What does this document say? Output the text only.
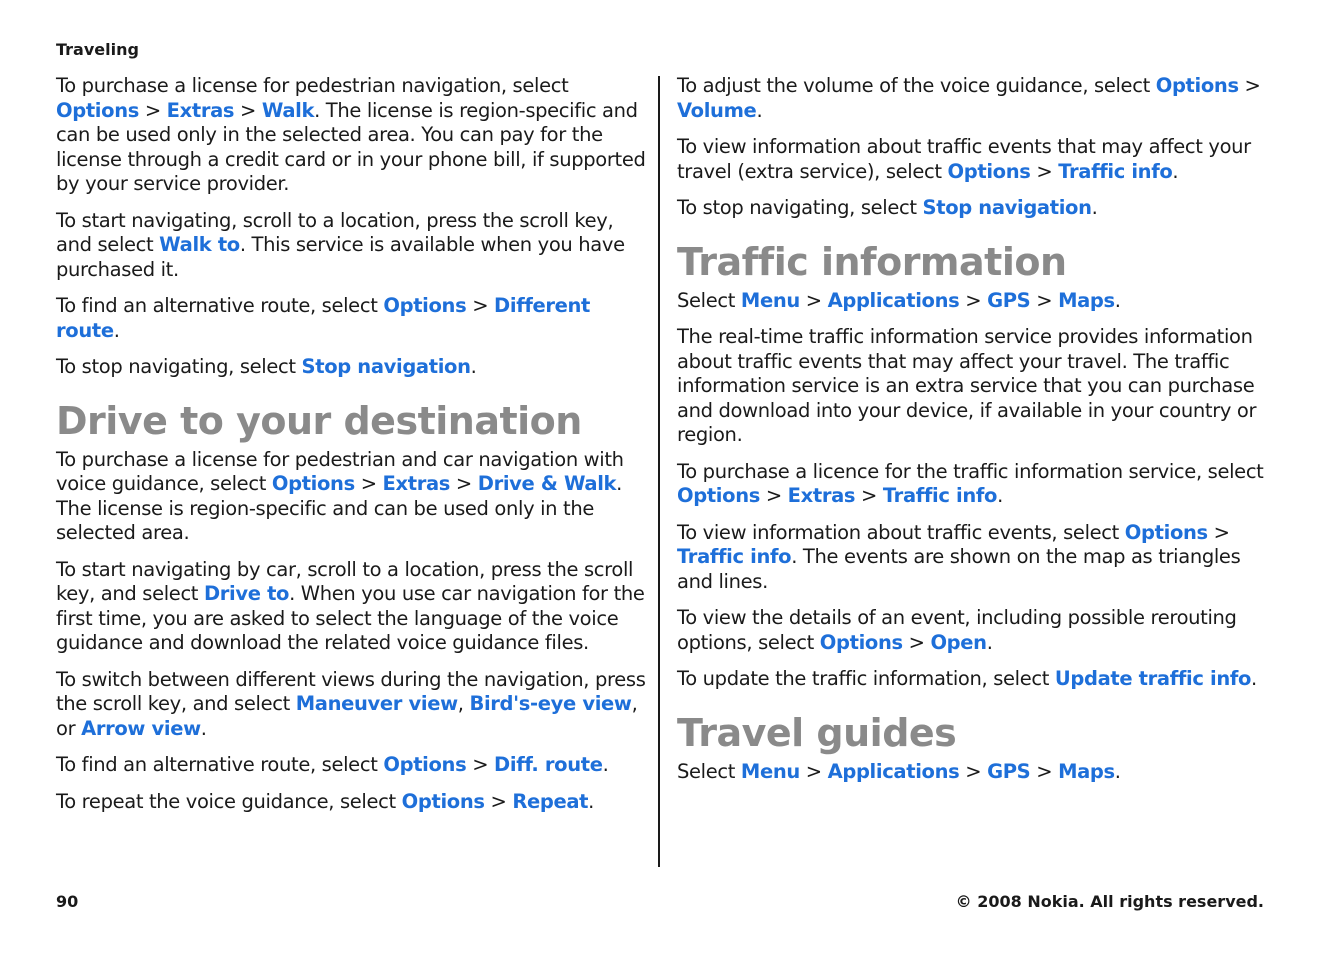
Traveling

To purchase a license for pedestrian navigation, select Options > Extras > Walk. The license is region-specific and can be used only in the selected area. You can pay for the license through a credit card or in your phone bill, if supported by your service provider.

To start navigating, scroll to a location, press the scroll key, and select Walk to. This service is available when you have purchased it.

To find an alternative route, select Options > Different route.

To stop navigating, select Stop navigation.

Drive to your destination

To purchase a license for pedestrian and car navigation with voice guidance, select Options > Extras > Drive & Walk. The license is region-specific and can be used only in the selected area.

To start navigating by car, scroll to a location, press the scroll key, and select Drive to. When you use car navigation for the first time, you are asked to select the language of the voice guidance and download the related voice guidance files.

To switch between different views during the navigation, press the scroll key, and select Maneuver view, Bird's-eye view, or Arrow view.

To find an alternative route, select Options > Diff. route.

To repeat the voice guidance, select Options > Repeat.

To adjust the volume of the voice guidance, select Options > Volume.

To view information about traffic events that may affect your travel (extra service), select Options > Traffic info.

To stop navigating, select Stop navigation.

Traffic information

Select Menu > Applications > GPS > Maps.

The real-time traffic information service provides information about traffic events that may affect your travel. The traffic information service is an extra service that you can purchase and download into your device, if available in your country or region.

To purchase a licence for the traffic information service, select Options > Extras > Traffic info.

To view information about traffic events, select Options > Traffic info. The events are shown on the map as triangles and lines.

To view the details of an event, including possible rerouting options, select Options > Open.

To update the traffic information, select Update traffic info.

Travel guides

Select Menu > Applications > GPS > Maps.

90	© 2008 Nokia. All rights reserved.
